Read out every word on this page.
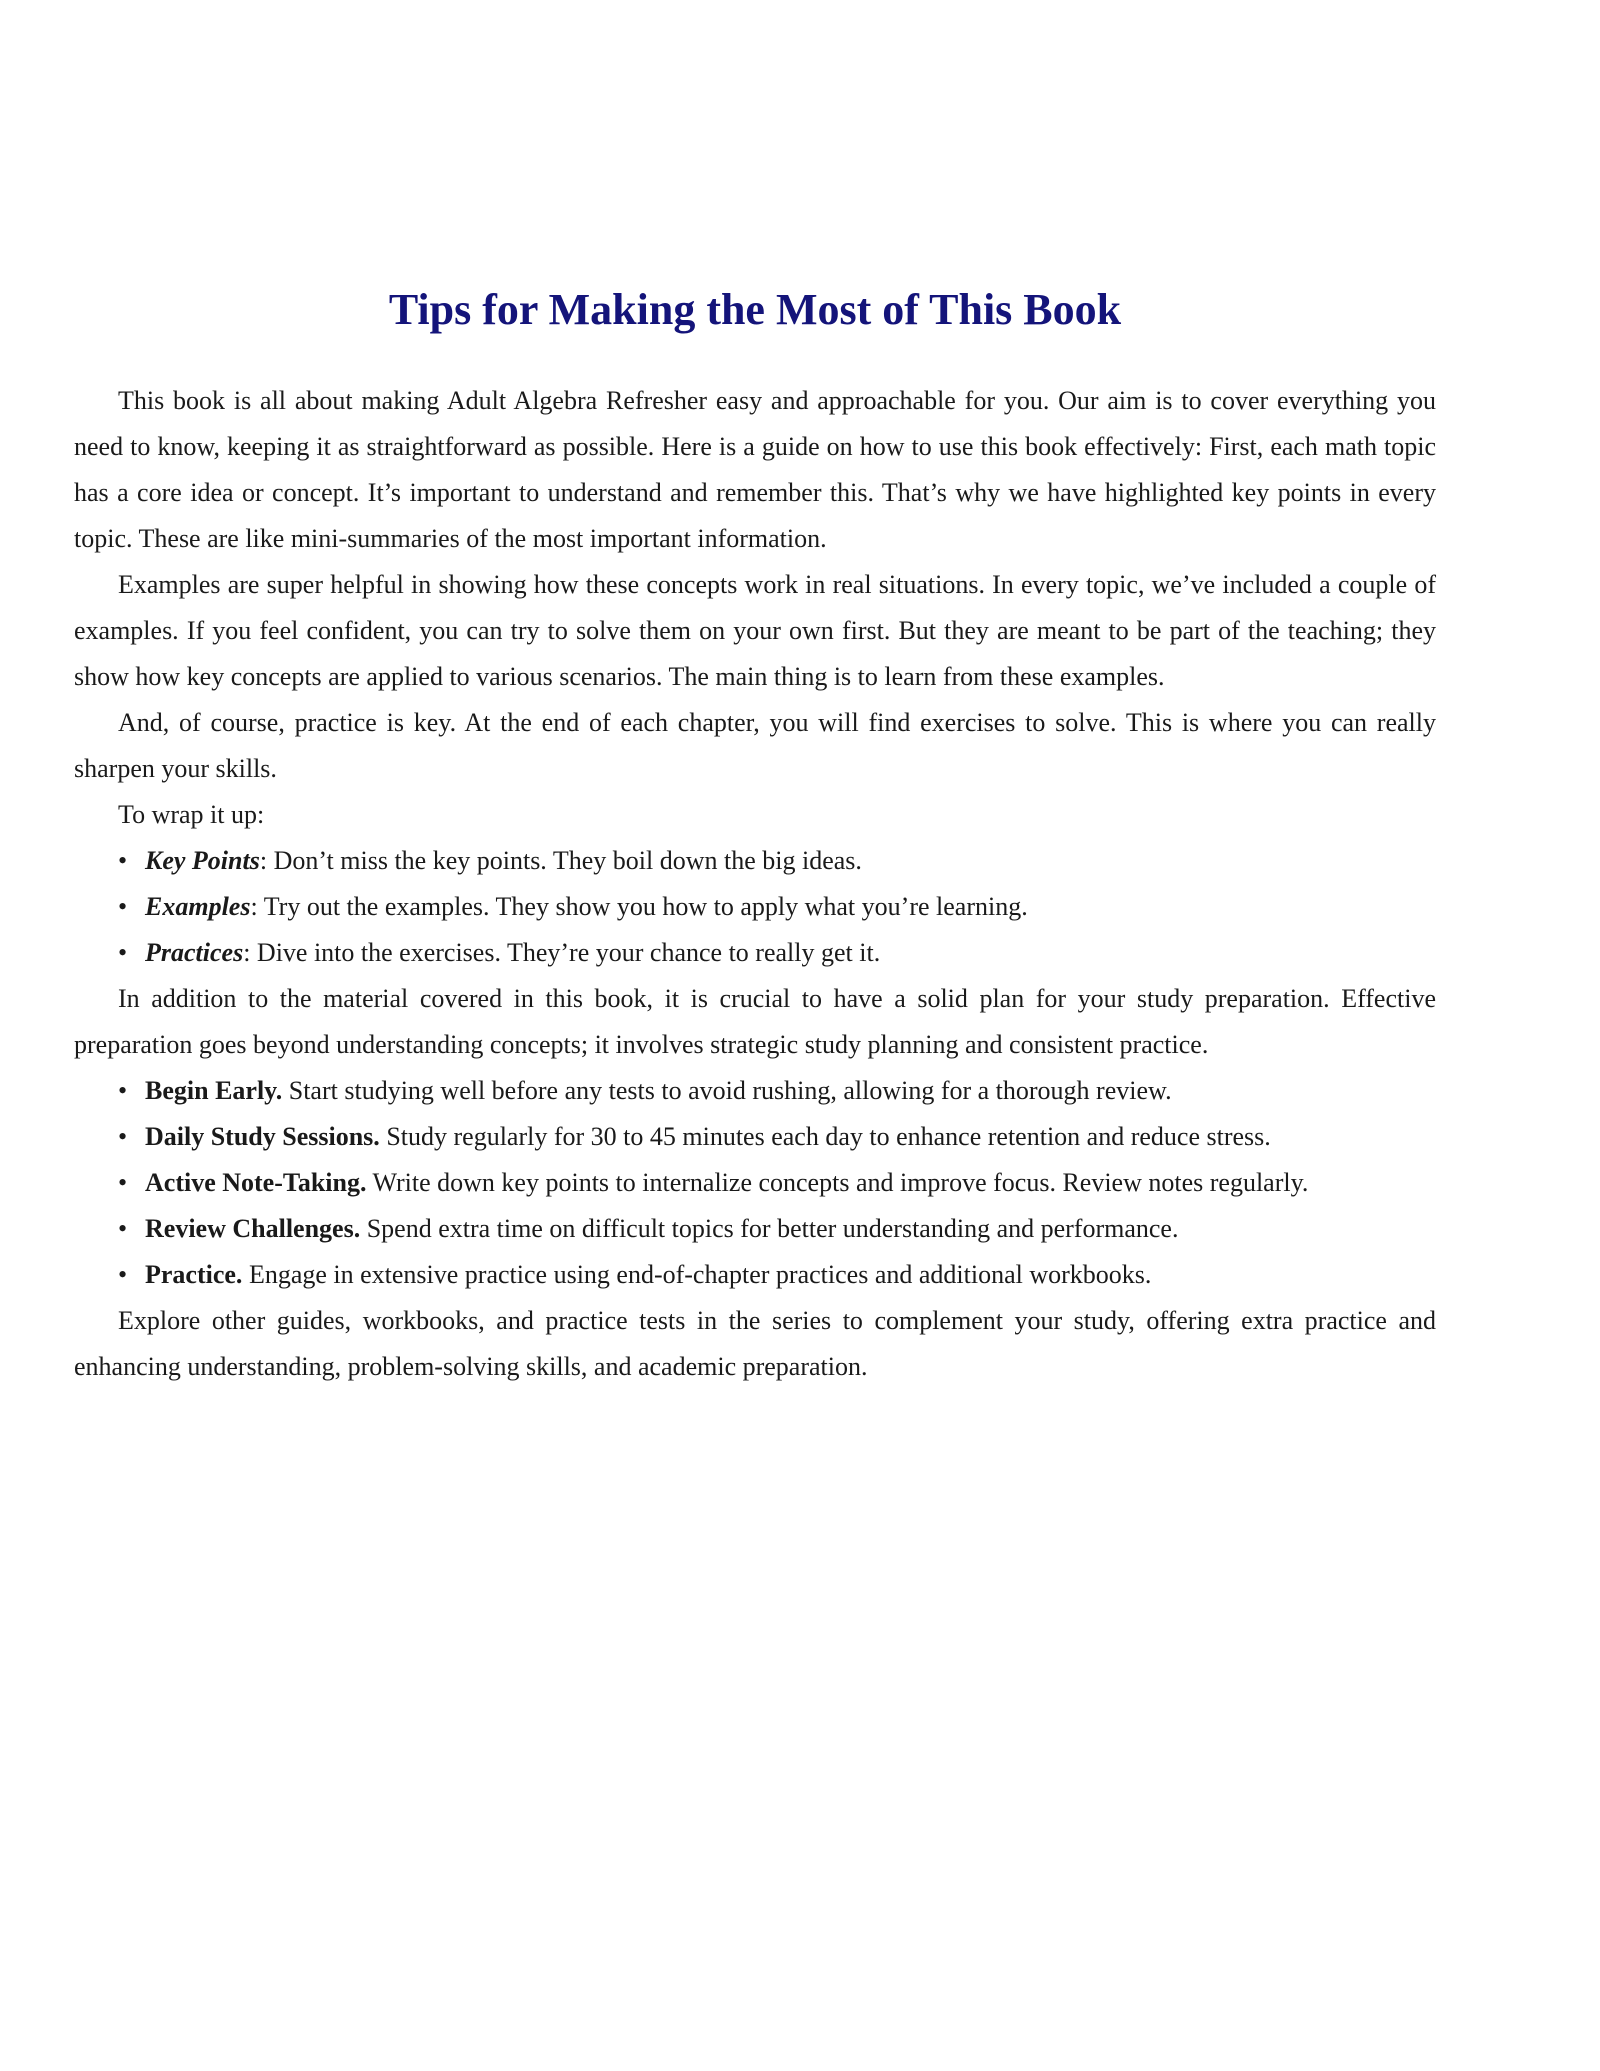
Tips for Making the Most of This Book

This book is all about making Adult Algebra Refresher easy and approachable for you. Our aim is to cover everything you need to know, keeping it as straightforward as possible. Here is a guide on how to use this book effectively: First, each math topic has a core idea or concept. It’s important to understand and remember this. That’s why we have highlighted key points in every topic. These are like mini-summaries of the most important information.

Examples are super helpful in showing how these concepts work in real situations. In every topic, we’ve included a couple of examples. If you feel confident, you can try to solve them on your own first. But they are meant to be part of the teaching; they show how key concepts are applied to various scenarios. The main thing is to learn from these examples.

And, of course, practice is key. At the end of each chapter, you will find exercises to solve. This is where you can really sharpen your skills.

To wrap it up:

• Key Points: Don’t miss the key points. They boil down the big ideas.
• Examples: Try out the examples. They show you how to apply what you’re learning.
• Practices: Dive into the exercises. They’re your chance to really get it.

In addition to the material covered in this book, it is crucial to have a solid plan for your study preparation. Effective preparation goes beyond understanding concepts; it involves strategic study planning and consistent practice.

• Begin Early. Start studying well before any tests to avoid rushing, allowing for a thorough review.
• Daily Study Sessions. Study regularly for 30 to 45 minutes each day to enhance retention and reduce stress.
• Active Note-Taking. Write down key points to internalize concepts and improve focus. Review notes regularly.
• Review Challenges. Spend extra time on difficult topics for better understanding and performance.
• Practice. Engage in extensive practice using end-of-chapter practices and additional workbooks.

Explore other guides, workbooks, and practice tests in the series to complement your study, offering extra practice and enhancing understanding, problem-solving skills, and academic preparation.
